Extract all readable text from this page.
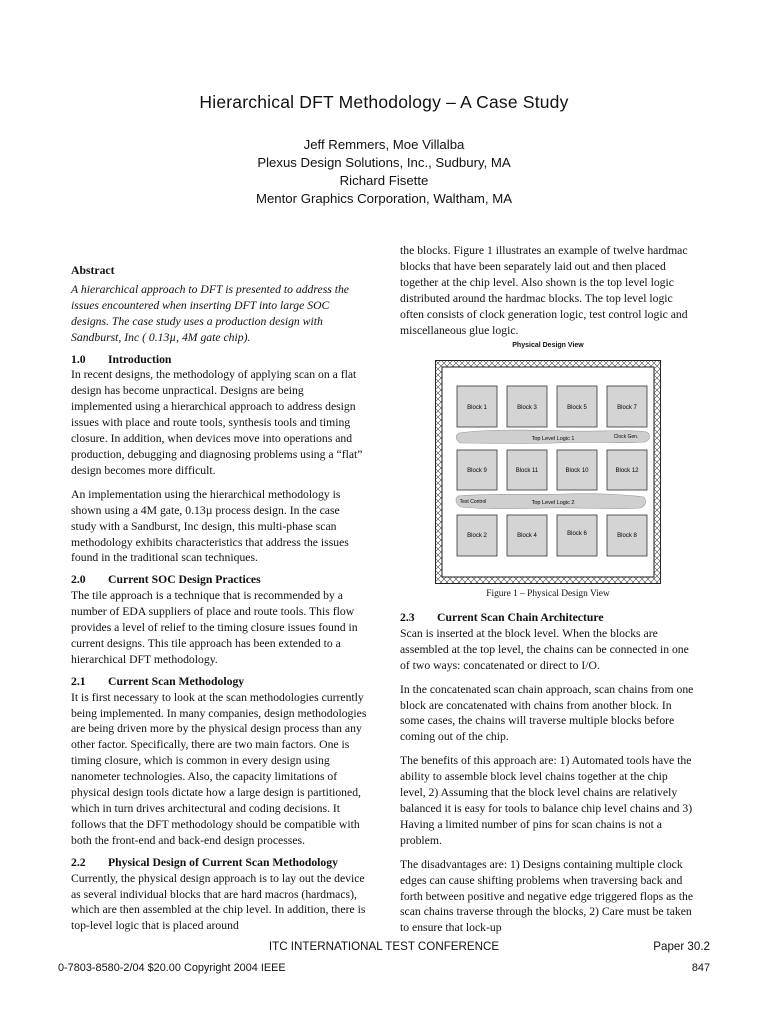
Hierarchical DFT Methodology – A Case Study
Jeff Remmers, Moe Villalba
Plexus Design Solutions, Inc., Sudbury, MA
Richard Fisette
Mentor Graphics Corporation, Waltham, MA

Abstract

A hierarchical approach to DFT is presented to address the issues encountered when inserting DFT into large SOC designs. The case study uses a production design with Sandburst, Inc ( 0.13µ, 4M gate chip).

1.0 Introduction

In recent designs, the methodology of applying scan on a flat design has become unpractical. Designs are being implemented using a hierarchical approach to address design issues with place and route tools, synthesis tools and timing closure. In addition, when devices move into operations and production, debugging and diagnosing problems using a “flat” design becomes more difficult.

An implementation using the hierarchical methodology is shown using a 4M gate, 0.13µ process design. In the case study with a Sandburst, Inc design, this multi-phase scan methodology exhibits characteristics that address the issues found in the traditional scan techniques.

2.0 Current SOC Design Practices

The tile approach is a technique that is recommended by a number of EDA suppliers of place and route tools. This flow provides a level of relief to the timing closure issues found in current designs. This tile approach has been extended to a hierarchical DFT methodology.

2.1 Current Scan Methodology

It is first necessary to look at the scan methodologies currently being implemented. In many companies, design methodologies are being driven more by the physical design process than any other factor. Specifically, there are two main factors. One is timing closure, which is common in every design using nanometer technologies. Also, the capacity limitations of physical design tools dictate how a large design is partitioned, which in turn drives architectural and coding decisions. It follows that the DFT methodology should be compatible with both the front-end and back-end design processes.

2.2 Physical Design of Current Scan Methodology

Currently, the physical design approach is to lay out the device as several individual blocks that are hard macros (hardmacs), which are then assembled at the chip level. In addition, there is top-level logic that is placed around

the blocks. Figure 1 illustrates an example of twelve hardmac blocks that have been separately laid out and then placed together at the chip level. Also shown is the top level logic distributed around the hardmac blocks. The top level logic often consists of clock generation logic, test control logic and miscellaneous glue logic.

Physical Design View
Block 1	Block 3	Block 5	Block 7
Top Level Logic 1	Clock Gen.
Block 9	Block 11	Block 10	Block 12
Test Control	Top Level Logic 2
Block 2	Block 4	Block 6	Block 8
Figure 1 – Physical Design View

2.3 Current Scan Chain Architecture

Scan is inserted at the block level. When the blocks are assembled at the top level, the chains can be connected in one of two ways: concatenated or direct to I/O.

In the concatenated scan chain approach, scan chains from one block are concatenated with chains from another block. In some cases, the chains will traverse multiple blocks before coming out of the chip.

The benefits of this approach are: 1) Automated tools have the ability to assemble block level chains together at the chip level, 2) Assuming that the block level chains are relatively balanced it is easy for tools to balance chip level chains and 3) Having a limited number of pins for scan chains is not a problem.

The disadvantages are: 1) Designs containing multiple clock edges can cause shifting problems when traversing back and forth between positive and negative edge triggered flops as the scan chains traverse through the blocks, 2) Care must be taken to ensure that lock-up

ITC INTERNATIONAL TEST CONFERENCE	Paper 30.2
0-7803-8580-2/04 $20.00 Copyright 2004 IEEE	847
